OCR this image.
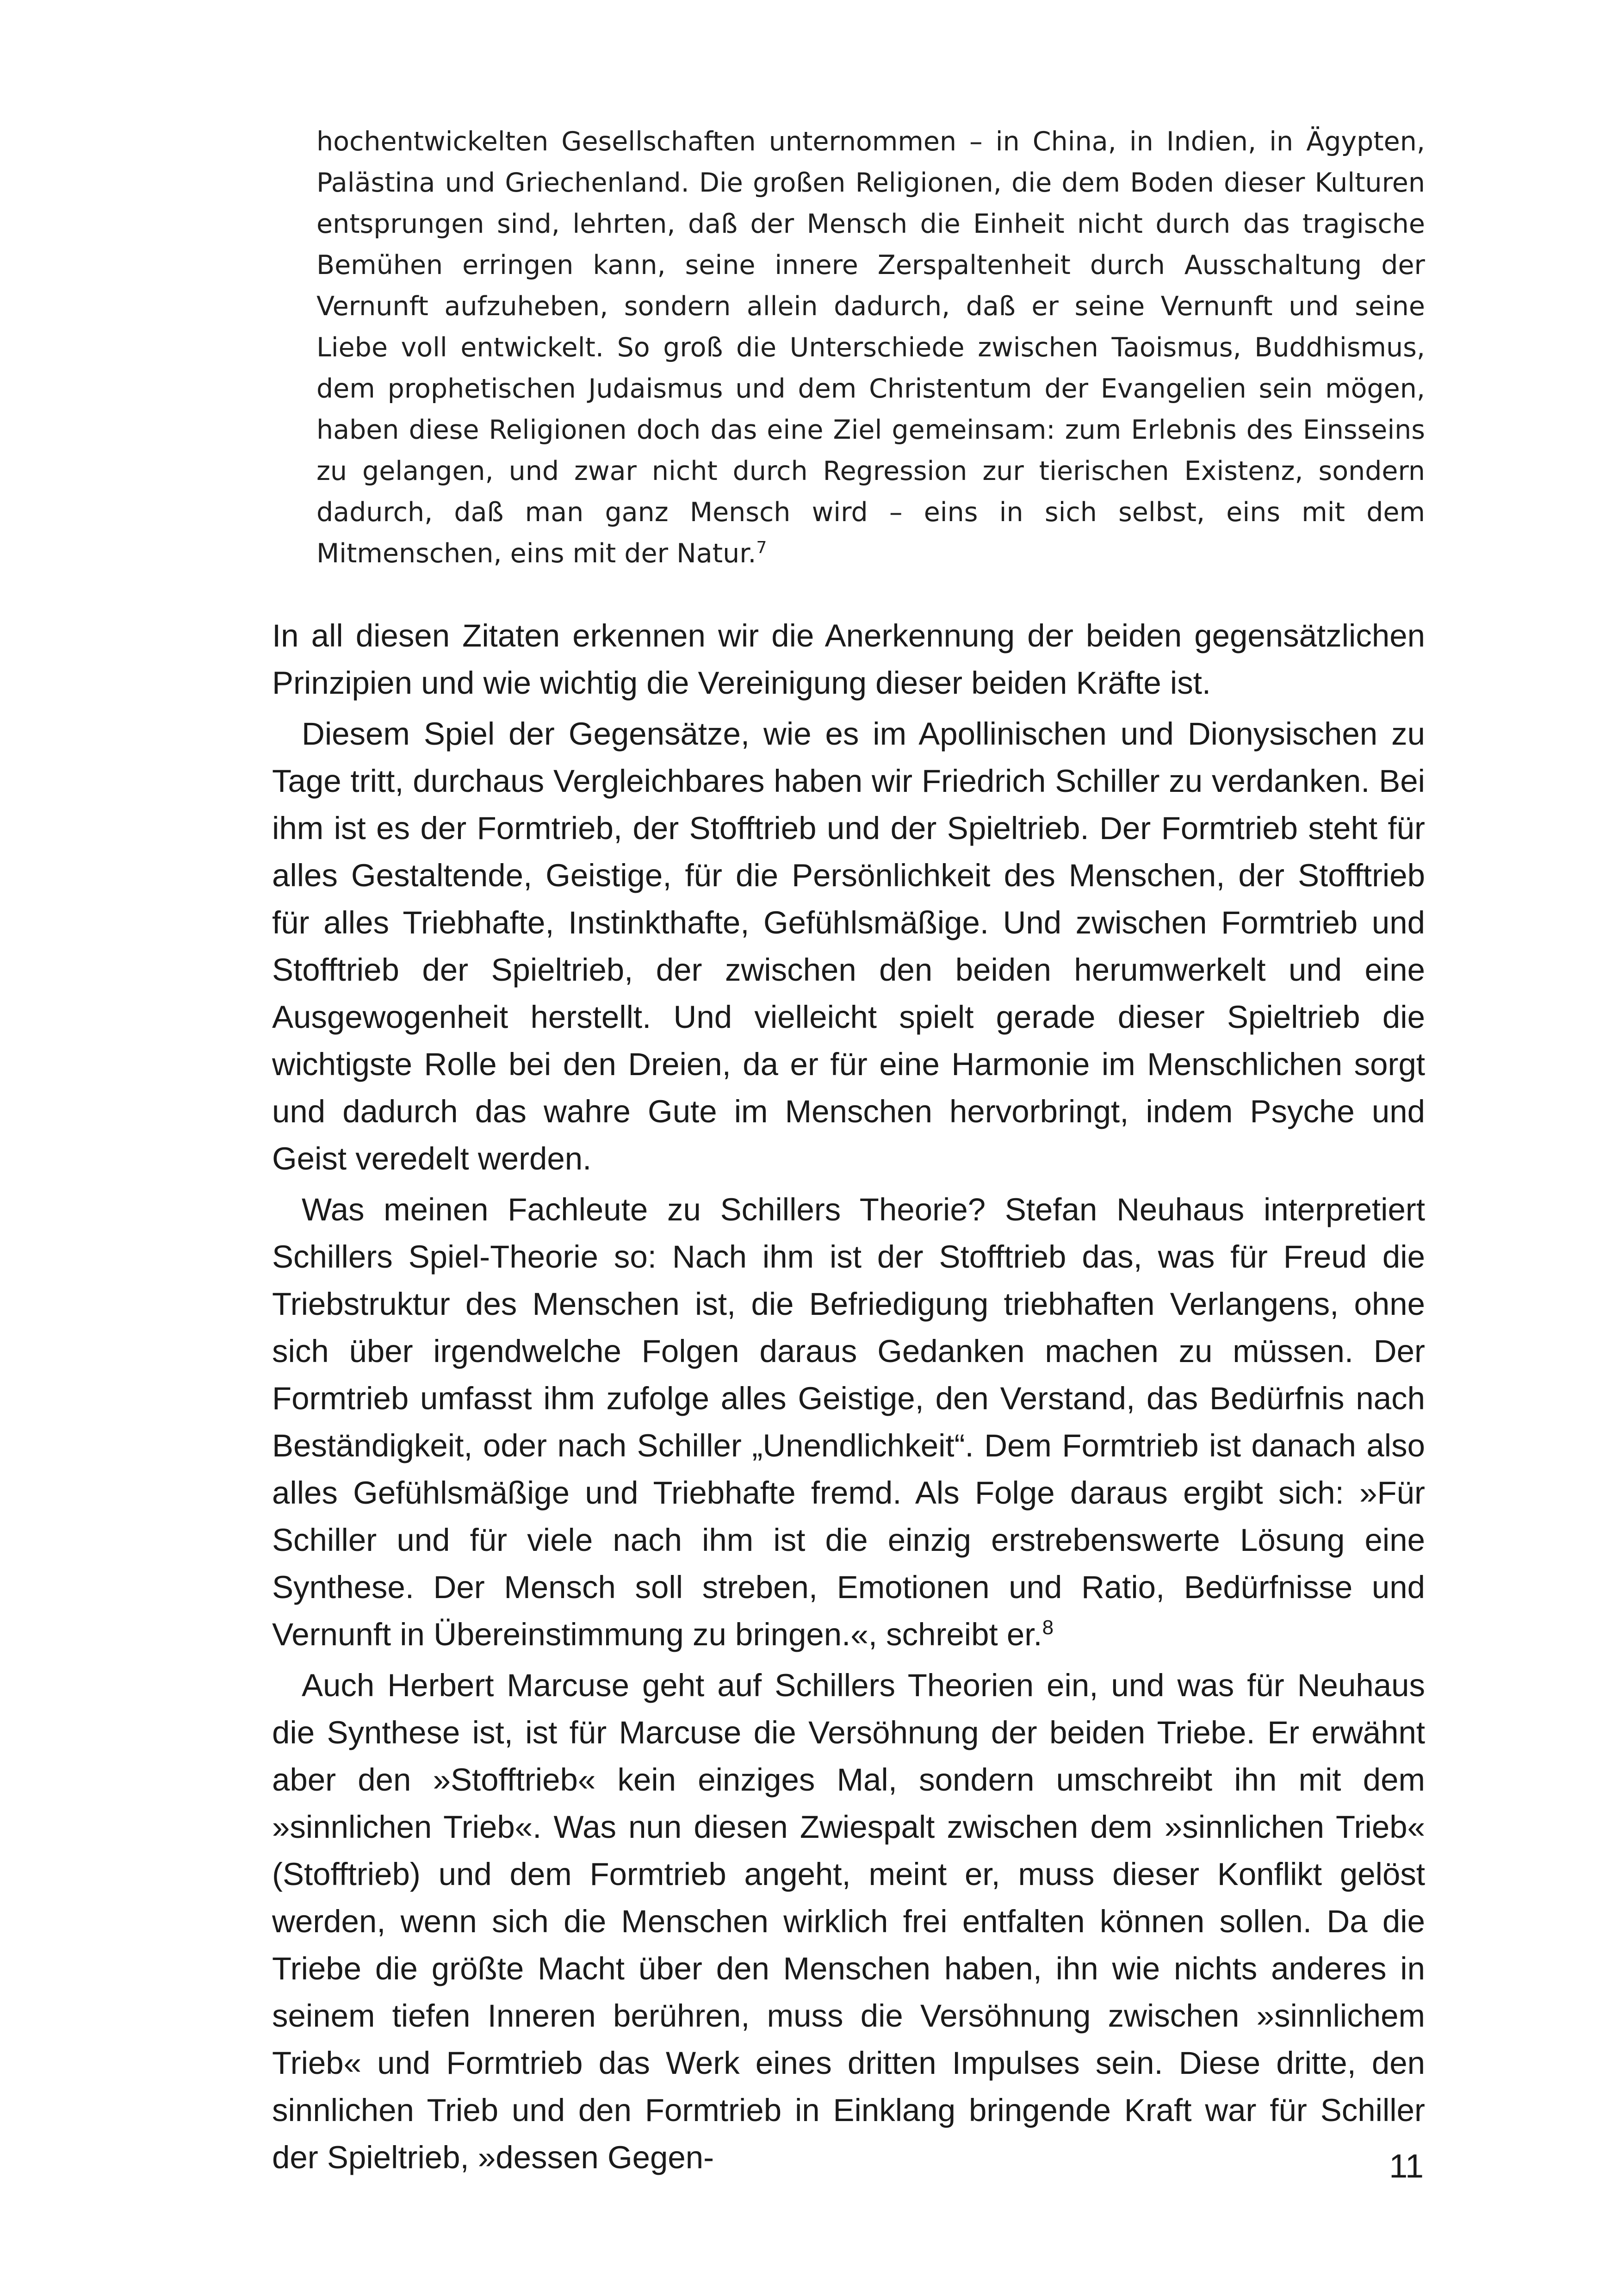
hochentwickelten Gesellschaften unternommen – in China, in Indien, in Ägypten, Palästina und Griechenland. Die großen Religionen, die dem Boden dieser Kulturen entsprungen sind, lehrten, daß der Mensch die Einheit nicht durch das tragische Bemühen erringen kann, seine innere Zerspaltenheit durch Ausschaltung der Vernunft aufzuheben, sondern allein dadurch, daß er seine Vernunft und seine Liebe voll entwickelt. So groß die Unterschiede zwischen Taoismus, Buddhismus, dem prophetischen Judaismus und dem Christentum der Evangelien sein mögen, haben diese Religionen doch das eine Ziel gemeinsam: zum Erlebnis des Einsseins zu gelangen, und zwar nicht durch Regression zur tierischen Existenz, sondern dadurch, daß man ganz Mensch wird – eins in sich selbst, eins mit dem Mitmenschen, eins mit der Natur.$^7$

In all diesen Zitaten erkennen wir die Anerkennung der beiden gegensätzlichen Prinzipien und wie wichtig die Vereinigung dieser beiden Kräfte ist.

Diesem Spiel der Gegensätze, wie es im Apollinischen und Dionysischen zu Tage tritt, durchaus Vergleichbares haben wir Friedrich Schiller zu verdanken. Bei ihm ist es der Formtrieb, der Stofftrieb und der Spieltrieb. Der Formtrieb steht für alles Gestaltende, Geistige, für die Persönlichkeit des Menschen, der Stofftrieb für alles Triebhafte, Instinkthafte, Gefühlsmäßige. Und zwischen Formtrieb und Stofftrieb der Spieltrieb, der zwischen den beiden herumwerkelt und eine Ausgewogenheit herstellt. Und vielleicht spielt gerade dieser Spieltrieb die wichtigste Rolle bei den Dreien, da er für eine Harmonie im Menschlichen sorgt und dadurch das wahre Gute im Menschen hervorbringt, indem Psyche und Geist veredelt werden.

Was meinen Fachleute zu Schillers Theorie? Stefan Neuhaus interpretiert Schillers Spiel-Theorie so: Nach ihm ist der Stofftrieb das, was für Freud die Triebstruktur des Menschen ist, die Befriedigung triebhaften Verlangens, ohne sich über irgendwelche Folgen daraus Gedanken machen zu müssen. Der Formtrieb umfasst ihm zufolge alles Geistige, den Verstand, das Bedürfnis nach Beständigkeit, oder nach Schiller „Unendlichkeit“. Dem Formtrieb ist danach also alles Gefühlsmäßige und Triebhafte fremd. Als Folge daraus ergibt sich: »Für Schiller und für viele nach ihm ist die einzig erstrebenswerte Lösung eine Synthese. Der Mensch soll streben, Emotionen und Ratio, Bedürfnisse und Vernunft in Übereinstimmung zu bringen.«, schreibt er.$^8$

Auch Herbert Marcuse geht auf Schillers Theorien ein, und was für Neuhaus die Synthese ist, ist für Marcuse die Versöhnung der beiden Triebe. Er erwähnt aber den »Stofftrieb« kein einziges Mal, sondern umschreibt ihn mit dem »sinnlichen Trieb«. Was nun diesen Zwiespalt zwischen dem »sinnlichen Trieb« (Stofftrieb) und dem Formtrieb angeht, meint er, muss dieser Konflikt gelöst werden, wenn sich die Menschen wirklich frei entfalten können sollen. Da die Triebe die größte Macht über den Menschen haben, ihn wie nichts anderes in seinem tiefen Inneren berühren, muss die Versöhnung zwischen »sinnlichem Trieb« und Formtrieb das Werk eines dritten Impulses sein. Diese dritte, den sinnlichen Trieb und den Formtrieb in Einklang bringende Kraft war für Schiller der Spieltrieb, »dessen Gegen-	11
